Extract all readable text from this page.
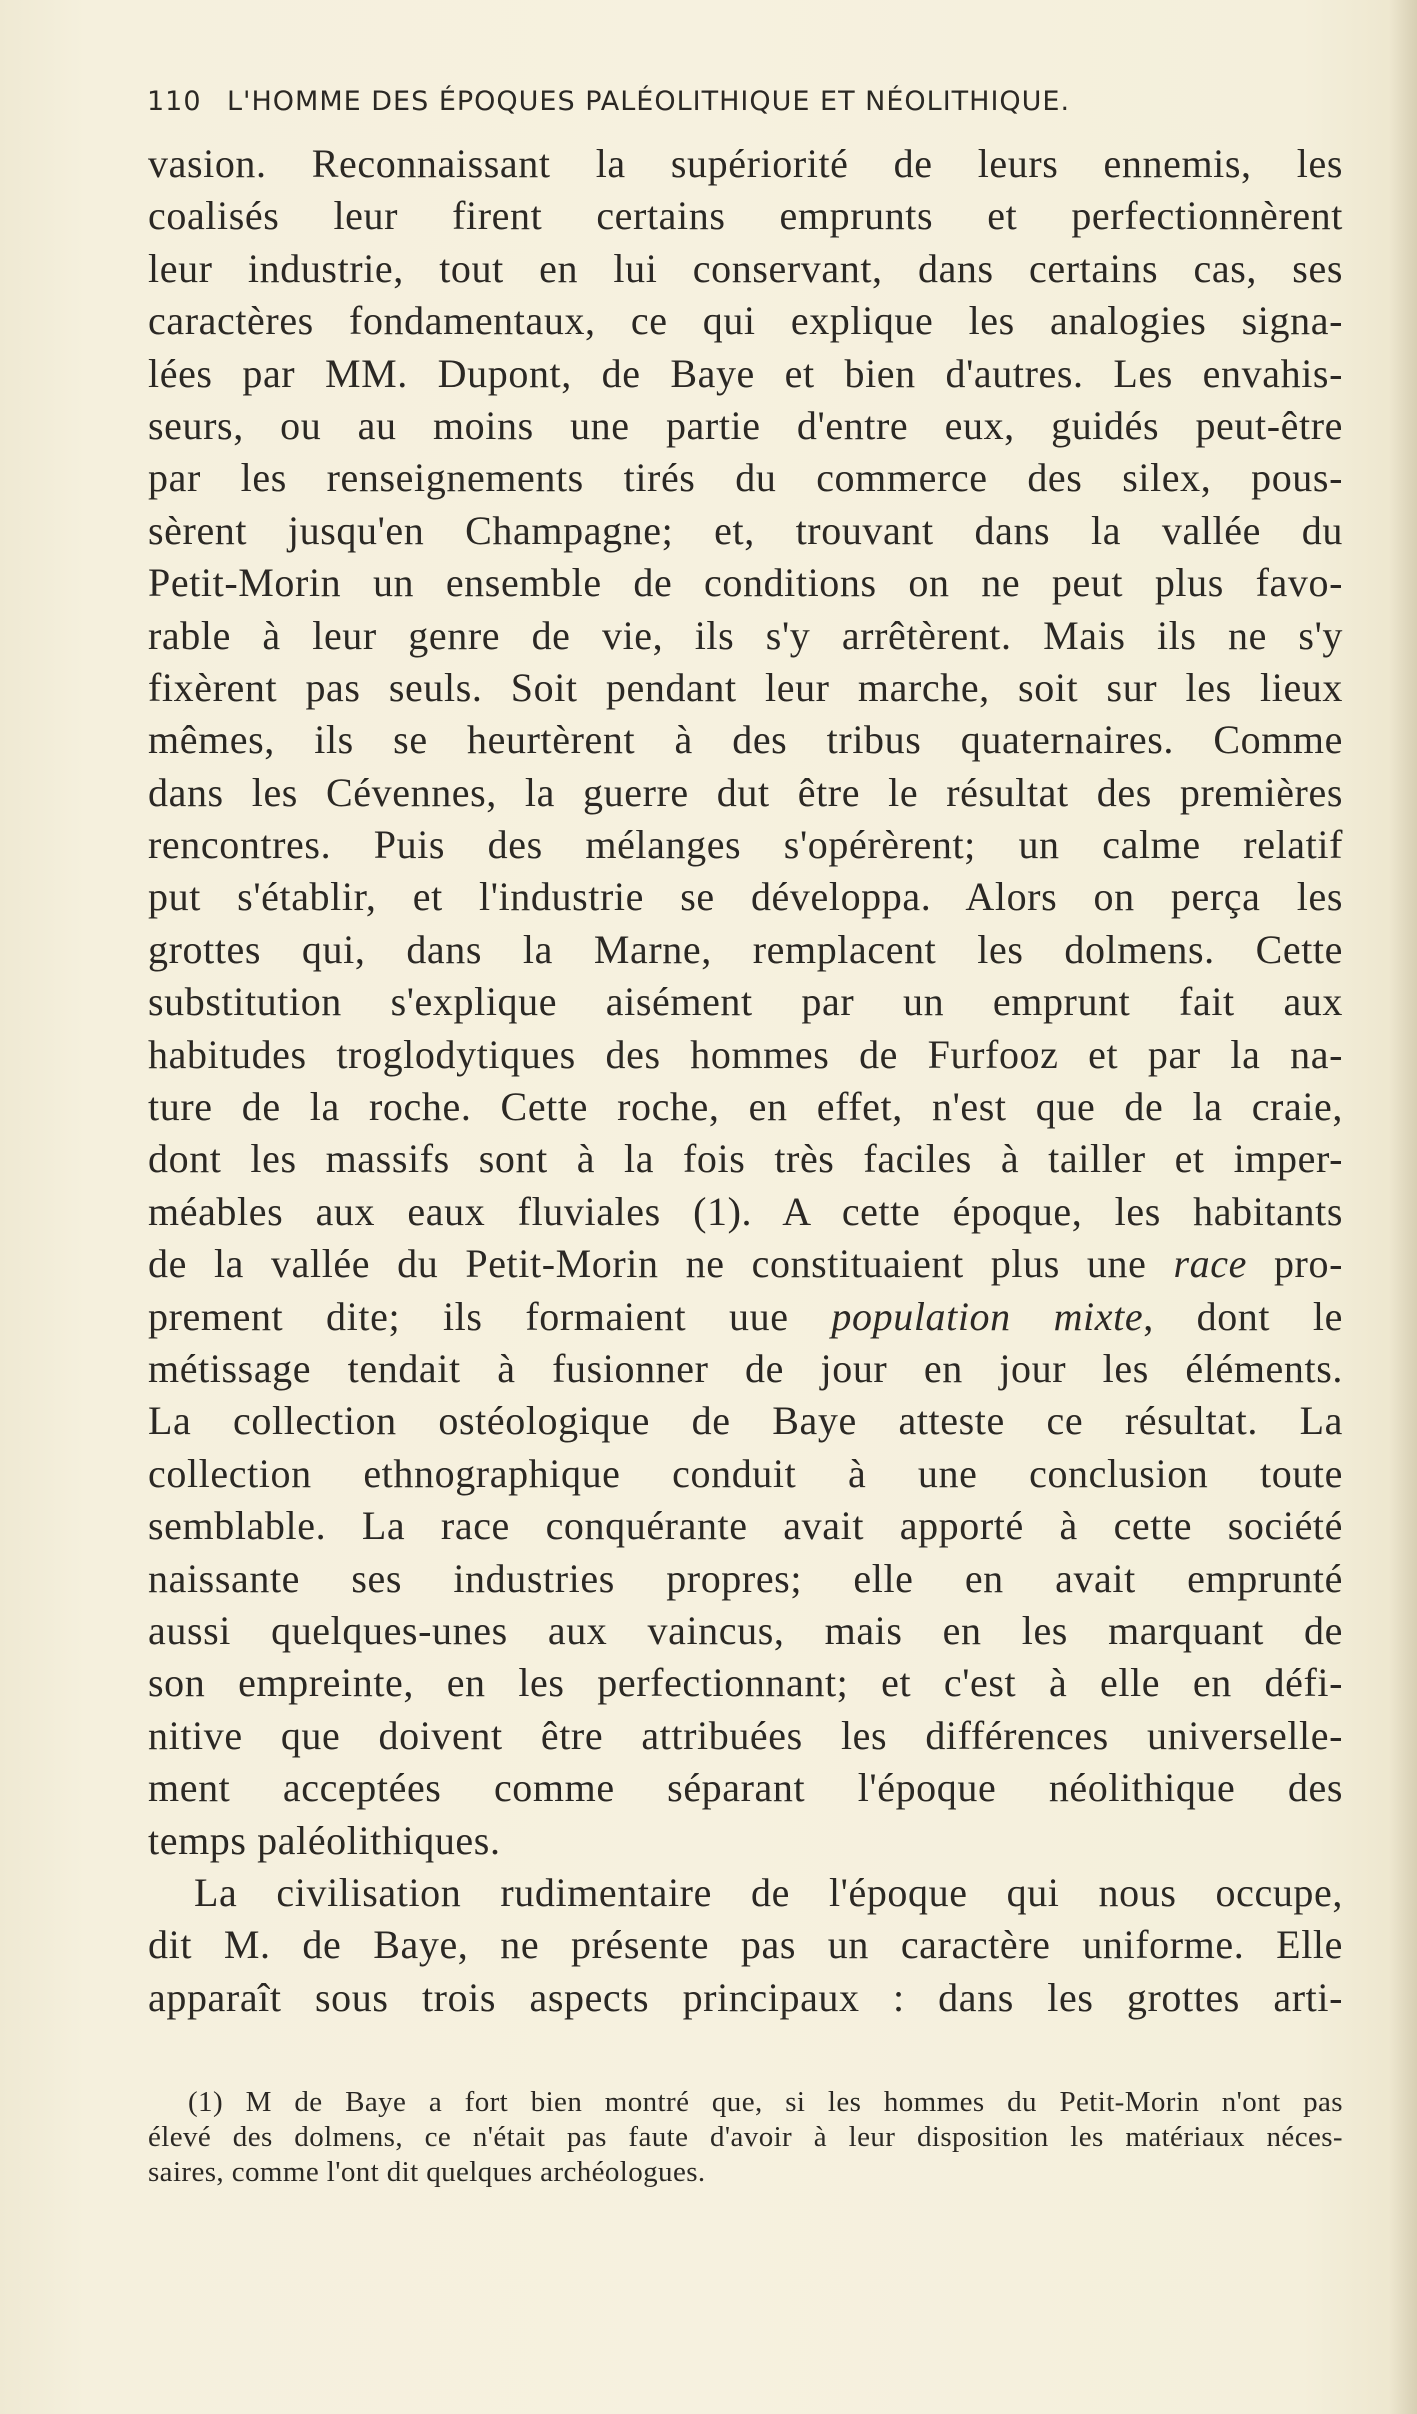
110 L'HOMME DES ÉPOQUES PALÉOLITHIQUE ET NÉOLITHIQUE.
vasion. Reconnaissant la supériorité de leurs ennemis, les
coalisés leur firent certains emprunts et perfectionnèrent
leur industrie, tout en lui conservant, dans certains cas, ses
caractères fondamentaux, ce qui explique les analogies signa-
lées par MM. Dupont, de Baye et bien d'autres. Les envahis-
seurs, ou au moins une partie d'entre eux, guidés peut-être
par les renseignements tirés du commerce des silex, pous-
sèrent jusqu'en Champagne; et, trouvant dans la vallée du
Petit-Morin un ensemble de conditions on ne peut plus favo-
rable à leur genre de vie, ils s'y arrêtèrent. Mais ils ne s'y
fixèrent pas seuls. Soit pendant leur marche, soit sur les lieux
mêmes, ils se heurtèrent à des tribus quaternaires. Comme
dans les Cévennes, la guerre dut être le résultat des premières
rencontres. Puis des mélanges s'opérèrent; un calme relatif
put s'établir, et l'industrie se développa. Alors on perça les
grottes qui, dans la Marne, remplacent les dolmens. Cette
substitution s'explique aisément par un emprunt fait aux
habitudes troglodytiques des hommes de Furfooz et par la na-
ture de la roche. Cette roche, en effet, n'est que de la craie,
dont les massifs sont à la fois très faciles à tailler et imper-
méables aux eaux fluviales (1). A cette époque, les habitants
de la vallée du Petit-Morin ne constituaient plus une race pro-
prement dite; ils formaient uue population mixte, dont le
métissage tendait à fusionner de jour en jour les éléments.
La collection ostéologique de Baye atteste ce résultat. La
collection ethnographique conduit à une conclusion toute
semblable. La race conquérante avait apporté à cette société
naissante ses industries propres; elle en avait emprunté
aussi quelques-unes aux vaincus, mais en les marquant de
son empreinte, en les perfectionnant; et c'est à elle en défi-
nitive que doivent être attribuées les différences universelle-
ment acceptées comme séparant l'époque néolithique des
temps paléolithiques.
La civilisation rudimentaire de l'époque qui nous occupe,
dit M. de Baye, ne présente pas un caractère uniforme. Elle
apparaît sous trois aspects principaux : dans les grottes arti-
(1) M de Baye a fort bien montré que, si les hommes du Petit-Morin n'ont pas
élevé des dolmens, ce n'était pas faute d'avoir à leur disposition les matériaux néces-
saires, comme l'ont dit quelques archéologues.
